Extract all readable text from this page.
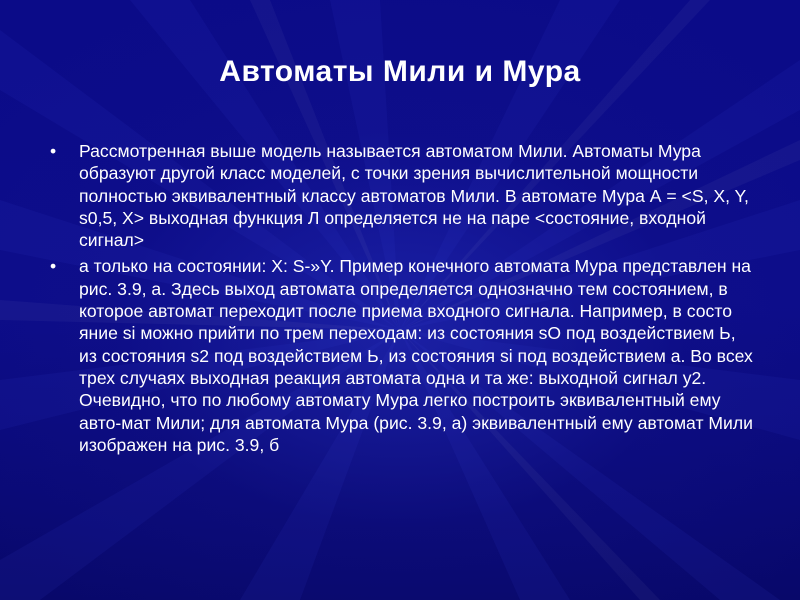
Автоматы Мили и Мура
•	Рассмотренная выше модель называется автоматом Мили. Автоматы Мура образуют другой класс моделей, с точки зрения вычислительной мощности полностью эквивалентный классу автоматов Мили. В автомате Мура А = <S, X, Y, s0,5, X> выходная функция Л определяется не на паре <состояние, входной сигнал>
•	а только на состоянии: X: S-»Y. Пример конечного автомата Мура представлен на рис. 3.9, а. Здесь выход автомата определяется однозначно тем состоянием, в которое автомат переходит после приема входного сигнала. Например, в состо яние si можно прийти по трем переходам: из состояния sO под воздействием Ь, из состояния s2 под воздействием Ь, из состояния si под воздействием а. Во всех трех случаях выходная реакция автомата одна и та же: выходной сигнал у2. Очевидно, что по любому автомату Мура легко построить эквивалентный ему авто-мат Мили; для автомата Мура (рис. 3.9, а) эквивалентный ему автомат Мили изображен на рис. 3.9, б
